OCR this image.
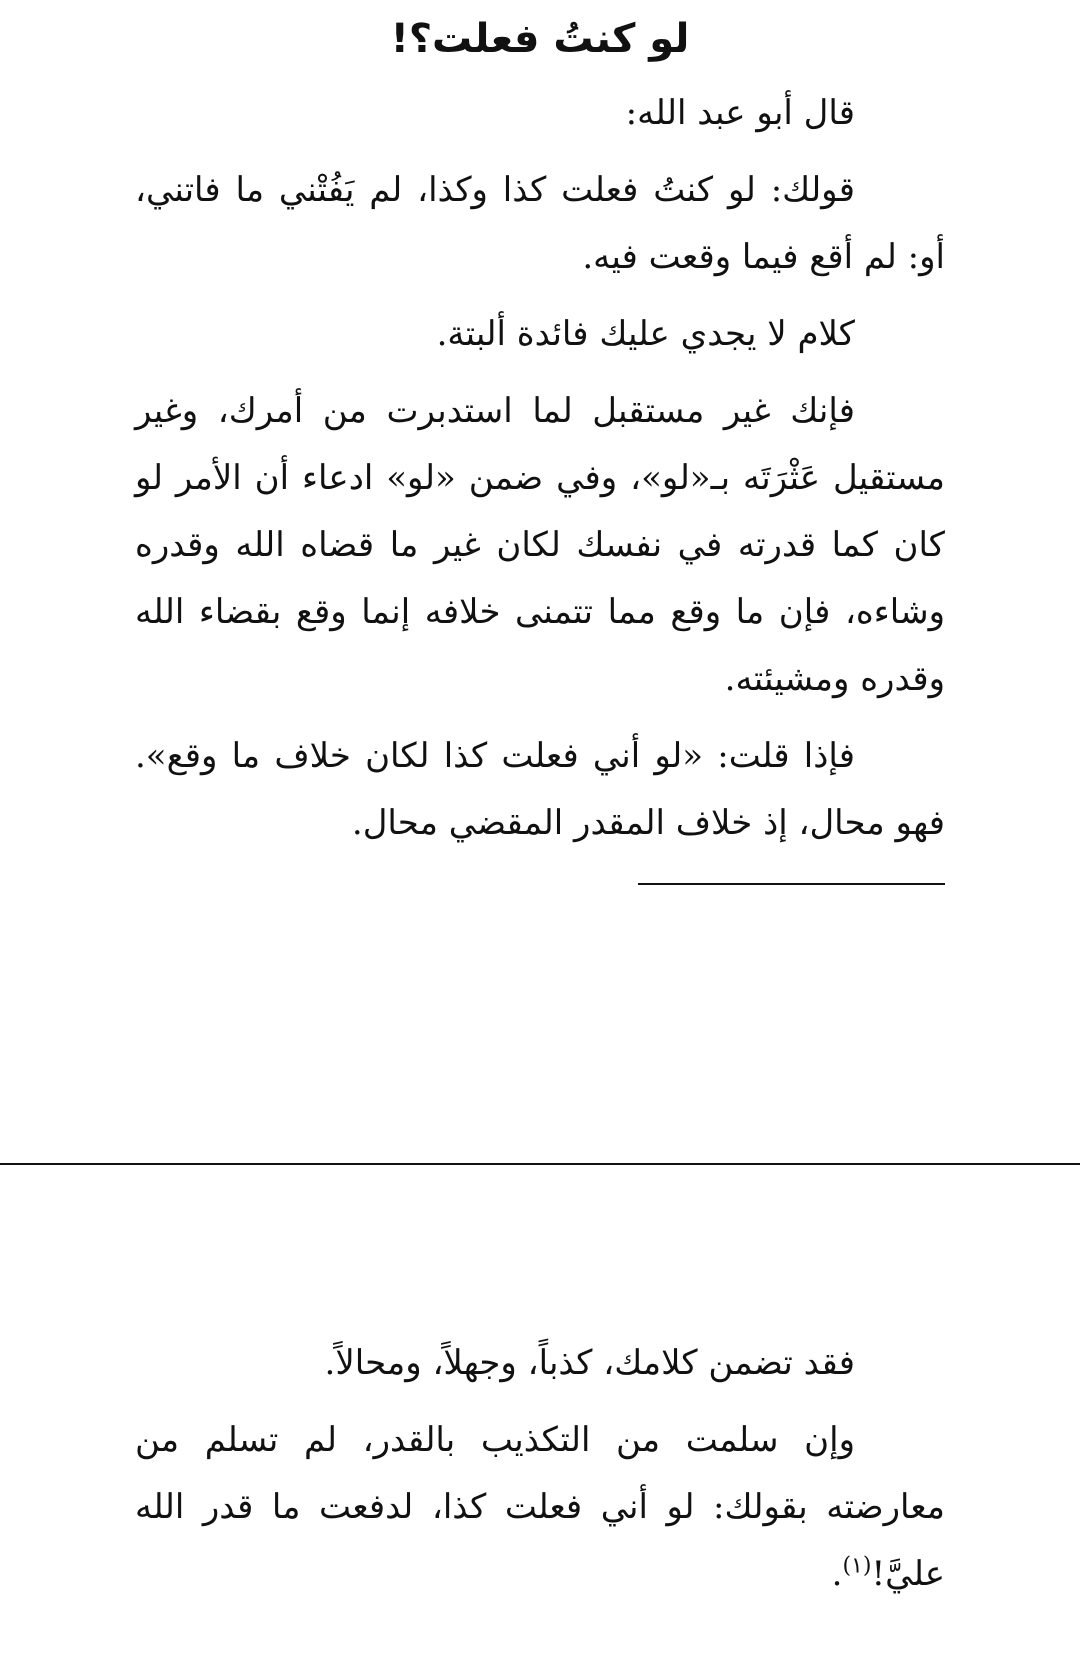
لو كنتُ فعلت؟!

قال أبو عبد الله:

قولك: لو كنتُ فعلت كذا وكذا، لم يَفُتْني ما فاتني، أو: لم أقع فيما وقعت فيه.

كلام لا يجدي عليك فائدة ألبتة.

فإنك غير مستقبل لما استدبرت من أمرك، وغير مستقيل عَثْرَتَه بـ«لو»، وفي ضمن «لو» ادعاء أن الأمر لو كان كما قدرته في نفسك لكان غير ما قضاه الله وقدره وشاءه، فإن ما وقع مما تتمنى خلافه إنما وقع بقضاء الله وقدره ومشيئته.

فإذا قلت: «لو أني فعلت كذا لكان خلاف ما وقع». فهو محال، إذ خلاف المقدر المقضي محال.

فقد تضمن كلامك، كذباً، وجهلاً، ومحالاً.

وإن سلمت من التكذيب بالقدر، لم تسلم من معارضته بقولك: لو أني فعلت كذا، لدفعت ما قدر الله عليَّ!$^{(١)}$.
